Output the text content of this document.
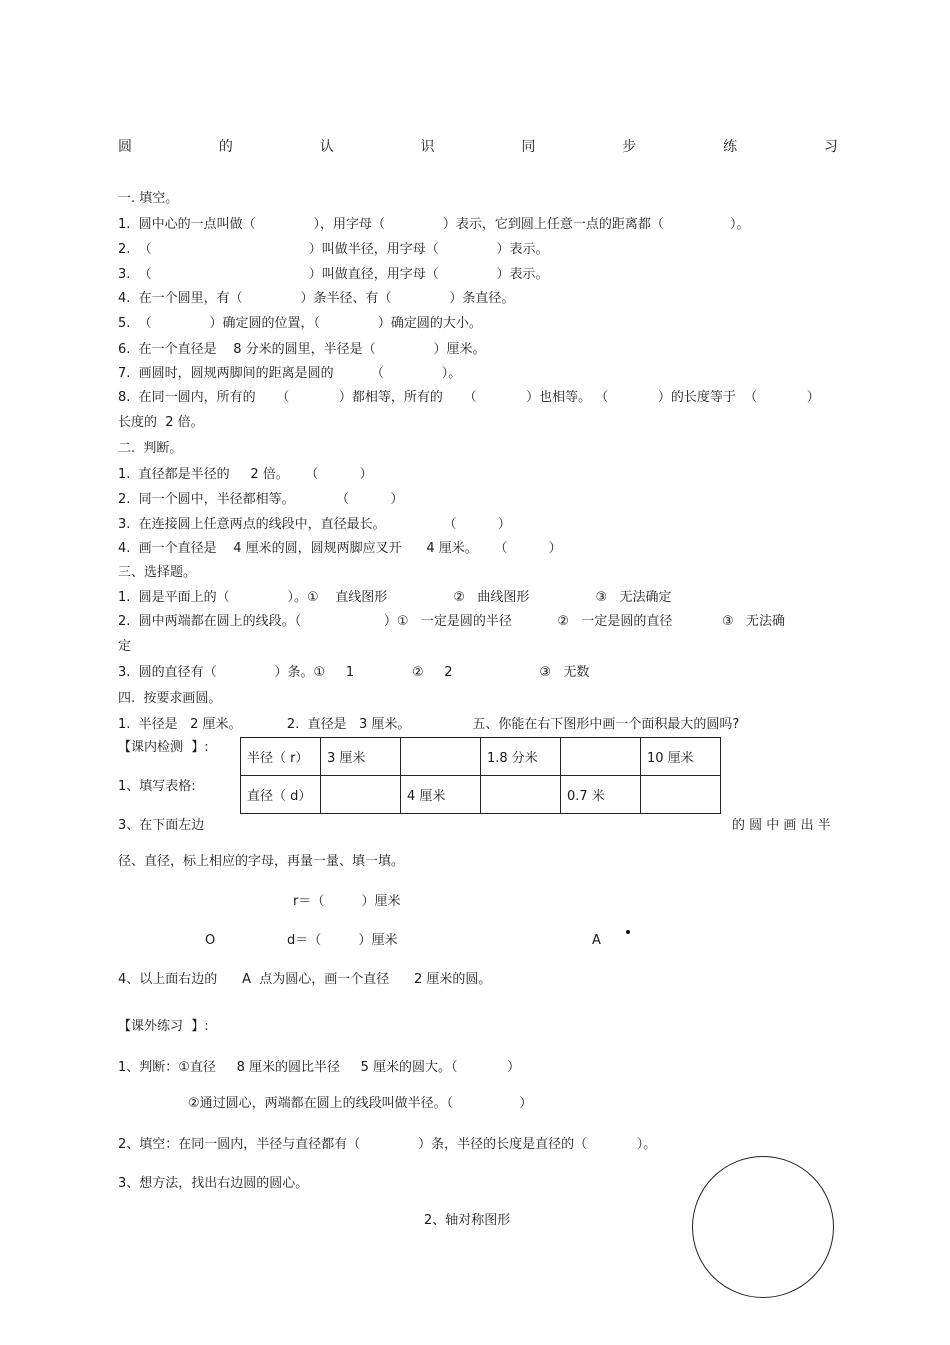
圆	的	认	识	同	步	练	习
一. 填空。
1.  圆中心的一点叫做（              ），用字母（              ）表示，它到圆上任意一点的距离都（                ）。
2.  （                                      ）叫做半径，用字母（              ）表示。
3.  （                                      ）叫做直径，用字母（              ）表示。
4.  在一个圆里，有（              ）条半径、有（              ）条直径。
5.  （              ）确定圆的位置，（              ）确定圆的大小。
6.  在一个直径是    8 分米的圆里，半径是（              ）厘米。
7.  画圆时，圆规两脚间的距离是圆的         （              ）。
8.  在同一圆内，所有的     （            ）都相等，所有的     （            ）也相等。 （            ）的长度等于  （            ）
长度的  2 倍。
二.  判断。
1.  直径都是半径的     2 倍。    （          ）
2.  同一个圆中，半径都相等。          （          ）
3.  在连接圆上任意两点的线段中，直径最长。              （          ）
4.  画一个直径是    4 厘米的圆，圆规两脚应叉开      4 厘米。    （          ）
三、选择题。
1.  圆是平面上的（              ）。①    直线图形                ②   曲线图形                ③   无法确定
2.  圆中两端都在圆上的线段。（                    ）①   一定是圆的半径           ②   一定是圆的直径            ③   无法确
定
3.  圆的直径有（              ）条。①     1              ②     2                     ③   无数
四.  按要求画圆。
1.  半径是   2 厘米。           2.  直径是   3 厘米。               五、你能在右下图形中画一个面积最大的圆吗?
【课内检测  】:
1、填写表格:
半径（ r）	3 厘米		1.8 分米		10 厘米
直径（ d）		4 厘米		0.7 米	
3、在下面左边	的 圆 中 画 出 半
径、直径，标上相应的字母，再量一量、填一填。
r＝（         ）厘米
O	d＝（         ）厘米	A
4、以上面右边的      A  点为圆心，画一个直径      2 厘米的圆。
【课外练习  】:
1、判断：①直径     8 厘米的圆比半径     5 厘米的圆大。（            ）
②通过圆心，两端都在圆上的线段叫做半径。（                ）
2、填空：在同一圆内，半径与直径都有（              ）条，半径的长度是直径的（            ）。
3、想方法，找出右边圆的圆心。
2、轴对称图形
